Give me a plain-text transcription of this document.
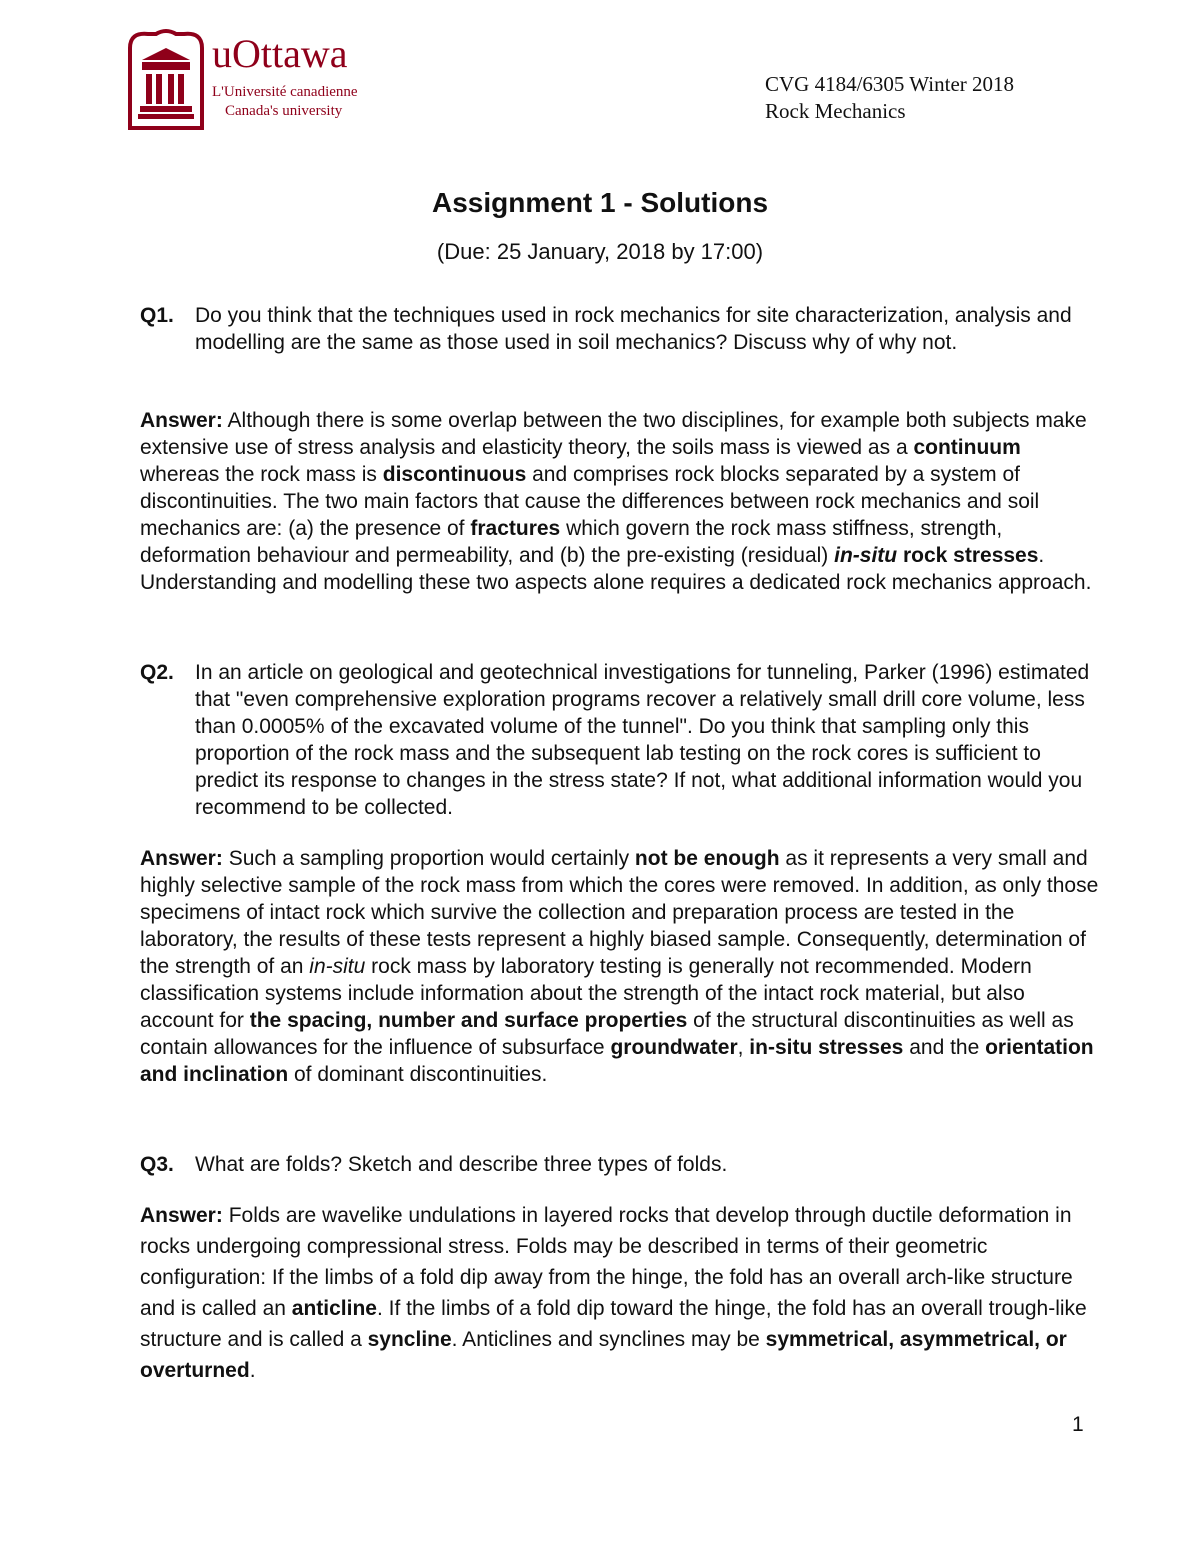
uOttawa
L'Université canadienne
Canada's university
CVG 4184/6305 Winter 2018
Rock Mechanics
Assignment 1 - Solutions
(Due: 25 January, 2018 by 17:00)
Q1.	Do you think that the techniques used in rock mechanics for site characterization, analysis and modelling are the same as those used in soil mechanics? Discuss why of why not.
Answer: Although there is some overlap between the two disciplines, for example both subjects make extensive use of stress analysis and elasticity theory, the soils mass is viewed as a continuum whereas the rock mass is discontinuous and comprises rock blocks separated by a system of discontinuities. The two main factors that cause the differences between rock mechanics and soil mechanics are: (a) the presence of fractures which govern the rock mass stiffness, strength, deformation behaviour and permeability, and (b) the pre-existing (residual) in-situ rock stresses. Understanding and modelling these two aspects alone requires a dedicated rock mechanics approach.
Q2.	In an article on geological and geotechnical investigations for tunneling, Parker (1996) estimated that "even comprehensive exploration programs recover a relatively small drill core volume, less than 0.0005% of the excavated volume of the tunnel". Do you think that sampling only this proportion of the rock mass and the subsequent lab testing on the rock cores is sufficient to predict its response to changes in the stress state? If not, what additional information would you recommend to be collected.
Answer: Such a sampling proportion would certainly not be enough as it represents a very small and highly selective sample of the rock mass from which the cores were removed. In addition, as only those specimens of intact rock which survive the collection and preparation process are tested in the laboratory, the results of these tests represent a highly biased sample. Consequently, determination of the strength of an in-situ rock mass by laboratory testing is generally not recommended. Modern classification systems include information about the strength of the intact rock material, but also account for the spacing, number and surface properties of the structural discontinuities as well as contain allowances for the influence of subsurface groundwater, in-situ stresses and the orientation and inclination of dominant discontinuities.
Q3.	What are folds? Sketch and describe three types of folds.
Answer: Folds are wavelike undulations in layered rocks that develop through ductile deformation in rocks undergoing compressional stress. Folds may be described in terms of their geometric configuration: If the limbs of a fold dip away from the hinge, the fold has an overall arch-like structure and is called an anticline. If the limbs of a fold dip toward the hinge, the fold has an overall trough-like structure and is called a syncline. Anticlines and synclines may be symmetrical, asymmetrical, or overturned.
1
